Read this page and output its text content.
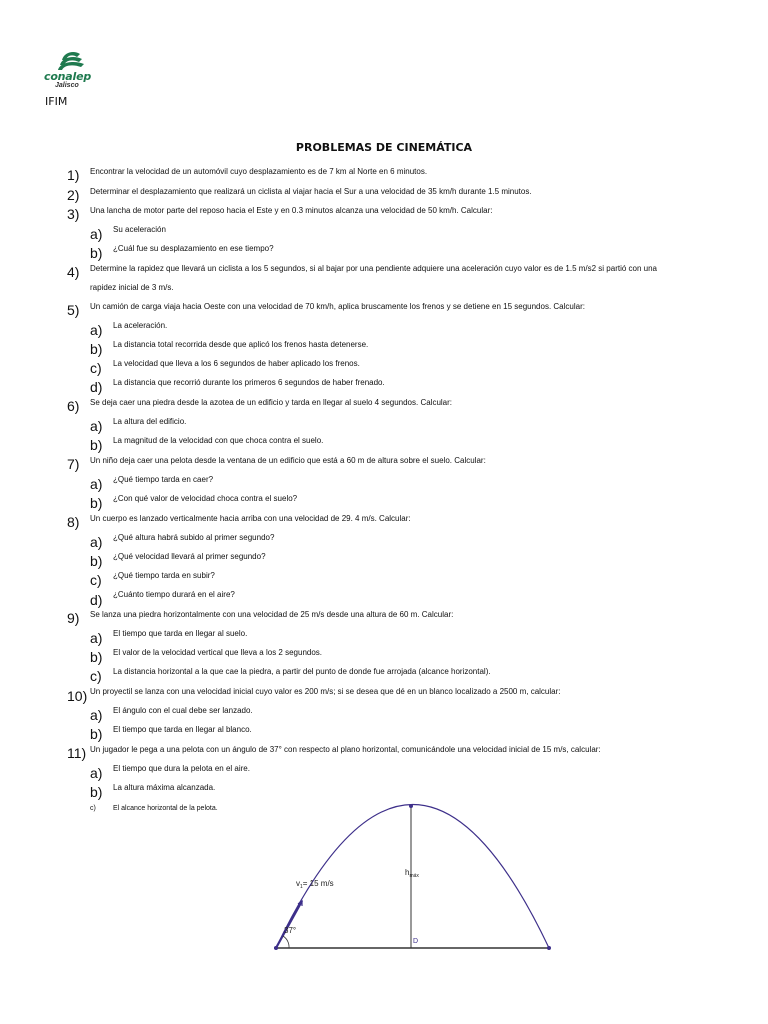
conalep
Jalisco
IFIM
PROBLEMAS DE CINEMÁTICA
1) Encontrar la velocidad de un automóvil cuyo desplazamiento es de 7 km al Norte en 6 minutos.
2) Determinar el desplazamiento que realizará un ciclista al viajar hacia el Sur a una velocidad de 35 km/h durante 1.5 minutos.
3) Una lancha de motor parte del reposo hacia el Este y en 0.3 minutos alcanza una velocidad de 50 km/h. Calcular:
a) Su aceleración
b) ¿Cuál fue su desplazamiento en ese tiempo?
4) Determine la rapidez que llevará un ciclista a los 5 segundos, si al bajar por una pendiente adquiere una aceleración cuyo valor es de 1.5 m/s2 si partió con una
rapidez inicial de 3 m/s.
5) Un camión de carga viaja hacia Oeste con una velocidad de 70 km/h, aplica bruscamente los frenos y se detiene en 15 segundos. Calcular:
a) La aceleración.
b) La distancia total recorrida desde que aplicó los frenos hasta detenerse.
c) La velocidad que lleva a los 6 segundos de haber aplicado los frenos.
d) La distancia que recorrió durante los primeros 6 segundos de haber frenado.
6) Se deja caer una piedra desde la azotea de un edificio y tarda en llegar al suelo 4 segundos. Calcular:
a) La altura del edificio.
b) La magnitud de la velocidad con que choca contra el suelo.
7) Un niño deja caer una pelota desde la ventana de un edificio que está a 60 m de altura sobre el suelo. Calcular:
a) ¿Qué tiempo tarda en caer?
b) ¿Con qué valor de velocidad choca contra el suelo?
8) Un cuerpo es lanzado verticalmente hacia arriba con una velocidad de 29. 4 m/s. Calcular:
a) ¿Qué altura habrá subido al primer segundo?
b) ¿Qué velocidad llevará al primer segundo?
c) ¿Qué tiempo tarda en subir?
d) ¿Cuánto tiempo durará en el aire?
9) Se lanza una piedra horizontalmente con una velocidad de 25 m/s desde una altura de 60 m. Calcular:
a) El tiempo que tarda en llegar al suelo.
b) El valor de la velocidad vertical que lleva a los 2 segundos.
c) La distancia horizontal a la que cae la piedra, a partir del punto de donde fue arrojada (alcance horizontal).
10) Un proyectil se lanza con una velocidad inicial cuyo valor es 200 m/s; si se desea que dé en un blanco localizado a 2500 m, calcular:
a) El ángulo con el cual debe ser lanzado.
b) El tiempo que tarda en llegar al blanco.
11) Un jugador le pega a una pelota con un ángulo de 37° con respecto al plano horizontal, comunicándole una velocidad inicial de 15 m/s, calcular:
a) El tiempo que dura la pelota en el aire.
b) La altura máxima alcanzada.
c) El alcance horizontal de la pelota.
$v_1= 15$ m/s
$h_{máx}$
37°
D
